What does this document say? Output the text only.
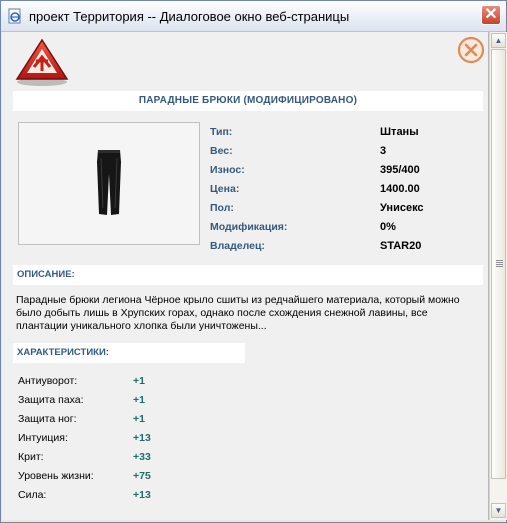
проект Территория -- Диалоговое окно веб-страницы	✕
ПАРАДНЫЕ БРЮКИ (МОДИФИЦИРОВАНО)
Тип:	Штаны
Вес:	3
Износ:	395/400
Цена:	1400.00
Пол:	Унисекс
Модификация:	0%
Владелец:	STAR20
ОПИСАНИЕ:
Парадные брюки легиона Чёрное крыло сшиты из редчайшего материала, который можно было добыть лишь в Хрупских горах, однако после схождения снежной лавины, все плантации уникального хлопка были уничтожены...
ХАРАКТЕРИСТИКИ:
Антиуворот:	+1
Защита паха:	+1
Защита ног:	+1
Интуиция:	+13
Крит:	+33
Уровень жизни:	+75
Сила:	+13
▲
▼
